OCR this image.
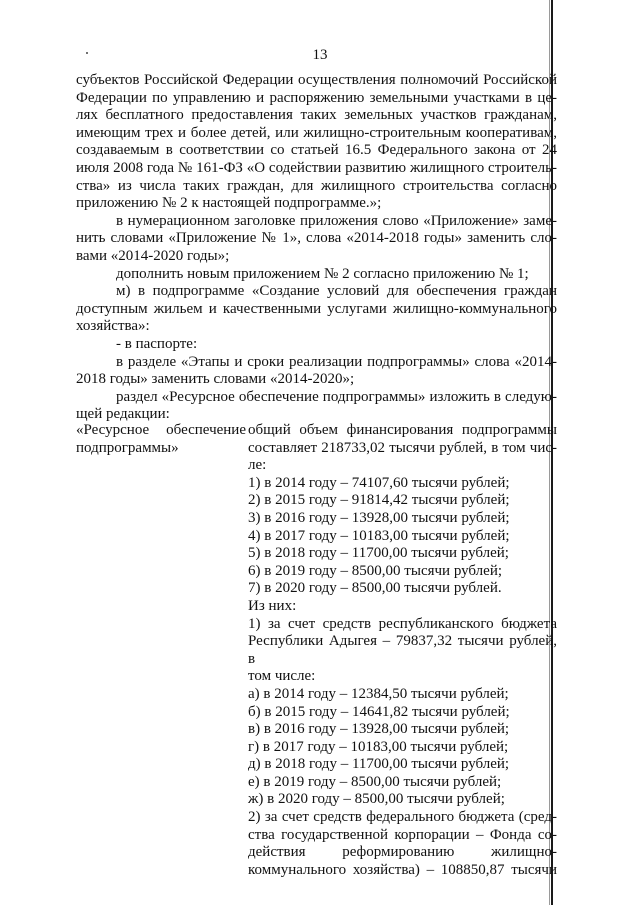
13
субъектов Российской Федерации осуществления полномочий Российской
Федерации по управлению и распоряжению земельными участками в це-
лях бесплатного предоставления таких земельных участков гражданам,
имеющим трех и более детей, или жилищно-строительным кооперативам,
создаваемым в соответствии со статьей 16.5 Федерального закона от 24
июля 2008 года № 161-ФЗ «О содействии развитию жилищного строитель-
ства» из числа таких граждан, для жилищного строительства согласно
приложению № 2 к настоящей подпрограмме.»;
в нумерационном заголовке приложения слово «Приложение» заме-
нить словами «Приложение № 1», слова «2014-2018 годы» заменить сло-
вами «2014-2020 годы»;
дополнить новым приложением № 2 согласно приложению № 1;
м) в подпрограмме «Создание условий для обеспечения граждан
доступным жильем и качественными услугами жилищно-коммунального
хозяйства»:
- в паспорте:
в разделе «Этапы и сроки реализации подпрограммы» слова «2014-
2018 годы» заменить словами «2014-2020»;
раздел «Ресурсное обеспечение подпрограммы» изложить в следую-
щей редакции:
«Ресурсное обеспечение
подпрограммы»
общий объем финансирования подпрограммы
составляет 218733,02 тысячи рублей, в том чис-
ле:
1) в 2014 году – 74107,60 тысячи рублей;
2) в 2015 году – 91814,42 тысячи рублей;
3) в 2016 году – 13928,00 тысячи рублей;
4) в 2017 году – 10183,00 тысячи рублей;
5) в 2018 году – 11700,00 тысячи рублей;
6) в 2019 году – 8500,00 тысячи рублей;
7) в 2020 году – 8500,00 тысячи рублей.
Из них:
1) за счет средств республиканского бюджета
Республики Адыгея – 79837,32 тысячи рублей, в
том числе:
а) в 2014 году – 12384,50 тысячи рублей;
б) в 2015 году – 14641,82 тысячи рублей;
в) в 2016 году – 13928,00 тысячи рублей;
г) в 2017 году – 10183,00 тысячи рублей;
д) в 2018 году – 11700,00 тысячи рублей;
е) в 2019 году – 8500,00 тысячи рублей;
ж) в 2020 году – 8500,00 тысячи рублей;
2) за счет средств федерального бюджета (сред-
ства государственной корпорации – Фонда со-
действия реформированию жилищно-
коммунального хозяйства) – 108850,87 тысячи
